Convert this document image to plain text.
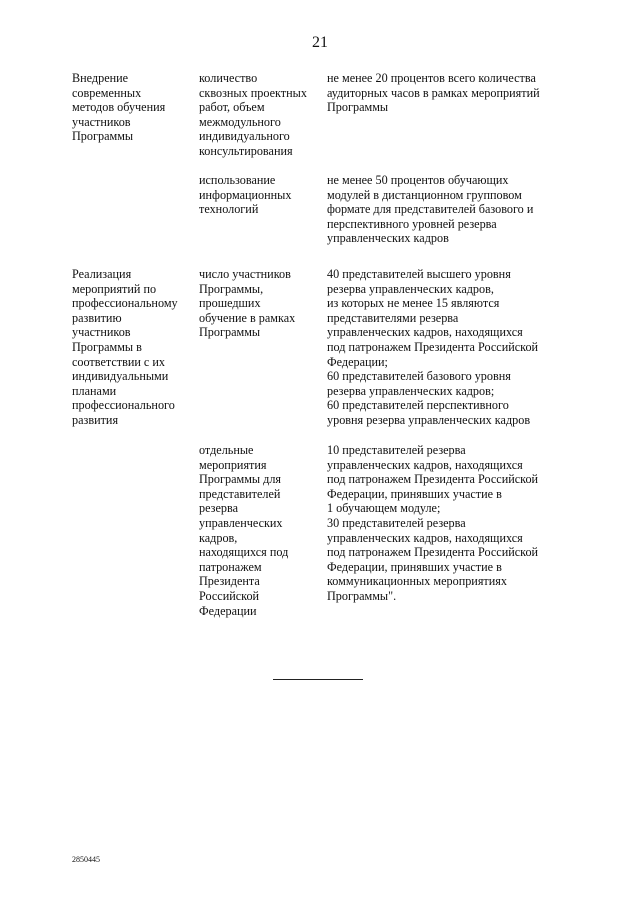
21
Внедрение
современных
методов обучения
участников
Программы
количество
сквозных проектных
работ, объем
межмодульного
индивидуального
консультирования
не менее 20 процентов всего количества
аудиторных часов в рамках мероприятий
Программы
использование
информационных
технологий
не менее 50 процентов обучающих
модулей в дистанционном групповом
формате для представителей базового и
перспективного уровней резерва
управленческих кадров
Реализация
мероприятий по
профессиональному
развитию
участников
Программы в
соответствии с их
индивидуальными
планами
профессионального
развития
число участников
Программы,
прошедших
обучение в рамках
Программы
40 представителей высшего уровня
резерва управленческих кадров,
из которых не менее 15 являются
представителями резерва
управленческих кадров, находящихся
под патронажем Президента Российской
Федерации;
60 представителей базового уровня
резерва управленческих кадров;
60 представителей перспективного
уровня резерва управленческих кадров
отдельные
мероприятия
Программы для
представителей
резерва
управленческих
кадров,
находящихся под
патронажем
Президента
Российской
Федерации
10 представителей резерва
управленческих кадров, находящихся
под патронажем Президента Российской
Федерации, принявших участие в
1 обучающем модуле;
30 представителей резерва
управленческих кадров, находящихся
под патронажем Президента Российской
Федерации, принявших участие в
коммуникационных мероприятиях
Программы".
2850445
